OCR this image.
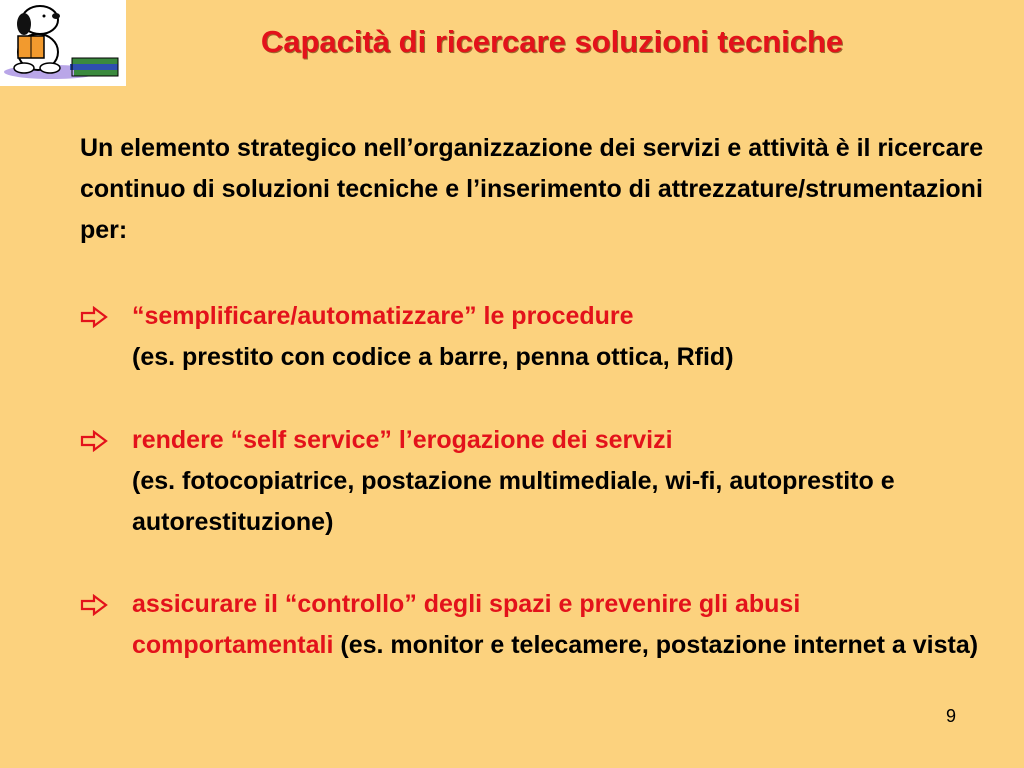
Capacità di ricercare soluzioni tecniche
Un elemento strategico nell’organizzazione dei servizi e attività è il ricercare continuo di soluzioni tecniche e l’inserimento di attrezzature/strumentazioni per:
“semplificare/automatizzare” le procedure
(es. prestito con codice a barre, penna ottica, Rfid)
rendere “self service” l’erogazione dei servizi
(es. fotocopiatrice, postazione multimediale, wi-fi, autoprestito e autorestituzione)
assicurare il “controllo” degli spazi e prevenire gli abusi comportamentali (es. monitor e telecamere, postazione internet a vista)
9
